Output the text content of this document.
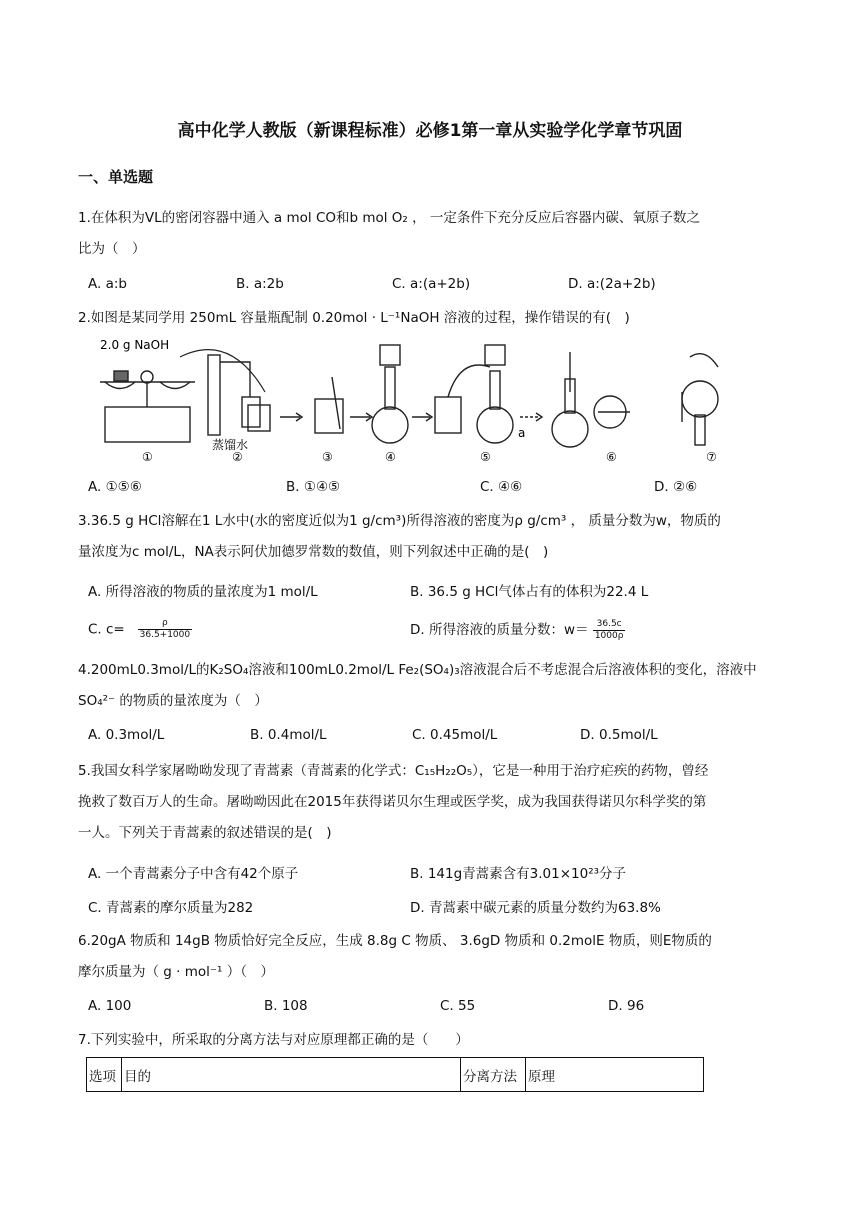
高中化学人教版（新课程标准）必修1第一章从实验学化学章节巩固
一、单选题
1.在体积为VL的密闭容器中通入 a mol CO和b mol O₂ ， 一定条件下充分反应后容器内碳、氧原子数之
比为（　）
A. a:b	B. a:2b	C. a:(a+2b)	D. a:(2a+2b)
2.如图是某同学用 250mL 容量瓶配制 0.20mol · L⁻¹NaOH 溶液的过程，操作错误的有(　)
2.0 g NaOH
蒸馏水
①	②	③	④	⑤	⑥	⑦
a
A. ①⑤⑥	B. ①④⑤	C. ④⑥	D. ②⑥
3.36.5 g HCl溶解在1 L水中(水的密度近似为1 g/cm³)所得溶液的密度为ρ g/cm³ ， 质量分数为w，物质的
量浓度为c mol/L，NA表示阿伏加德罗常数的数值，则下列叙述中正确的是(　)
A. 所得溶液的物质的量浓度为1 mol/L	B. 36.5 g HCl气体占有的体积为22.4 L
C. $c= \frac{\rho}{36.5+1000}$	D. 所得溶液的质量分数：$w= \frac{36.5c}{1000\rho}$
4.200mL0.3mol/L的K₂SO₄溶液和100mL0.2mol/L Fe₂(SO₄)₃溶液混合后不考虑混合后溶液体积的变化，溶液中
SO₄²⁻ 的物质的量浓度为（　）
A. 0.3mol/L	B. 0.4mol/L	C. 0.45mol/L	D. 0.5mol/L
5.我国女科学家屠呦呦发现了青蒿素（青蒿素的化学式：C₁₅H₂₂O₅），它是一种用于治疗疟疾的药物，曾经
挽救了数百万人的生命。屠呦呦因此在2015年获得诺贝尔生理或医学奖，成为我国获得诺贝尔科学奖的第
一人。下列关于青蒿素的叙述错误的是(　)
A. 一个青蒿素分子中含有42个原子	B. 141g青蒿素含有3.01×10²³分子
C. 青蒿素的摩尔质量为282	D. 青蒿素中碳元素的质量分数约为63.8%
6.20gA 物质和 14gB 物质恰好完全反应，生成 8.8g C 物质、 3.6gD 物质和 0.2molE 物质，则E物质的
摩尔质量为（ g · mol⁻¹ ）（　）
A. 100	B. 108	C. 55	D. 96
7.下列实验中，所采取的分离方法与对应原理都正确的是（　　）
选项	目的	分离方法	原理
